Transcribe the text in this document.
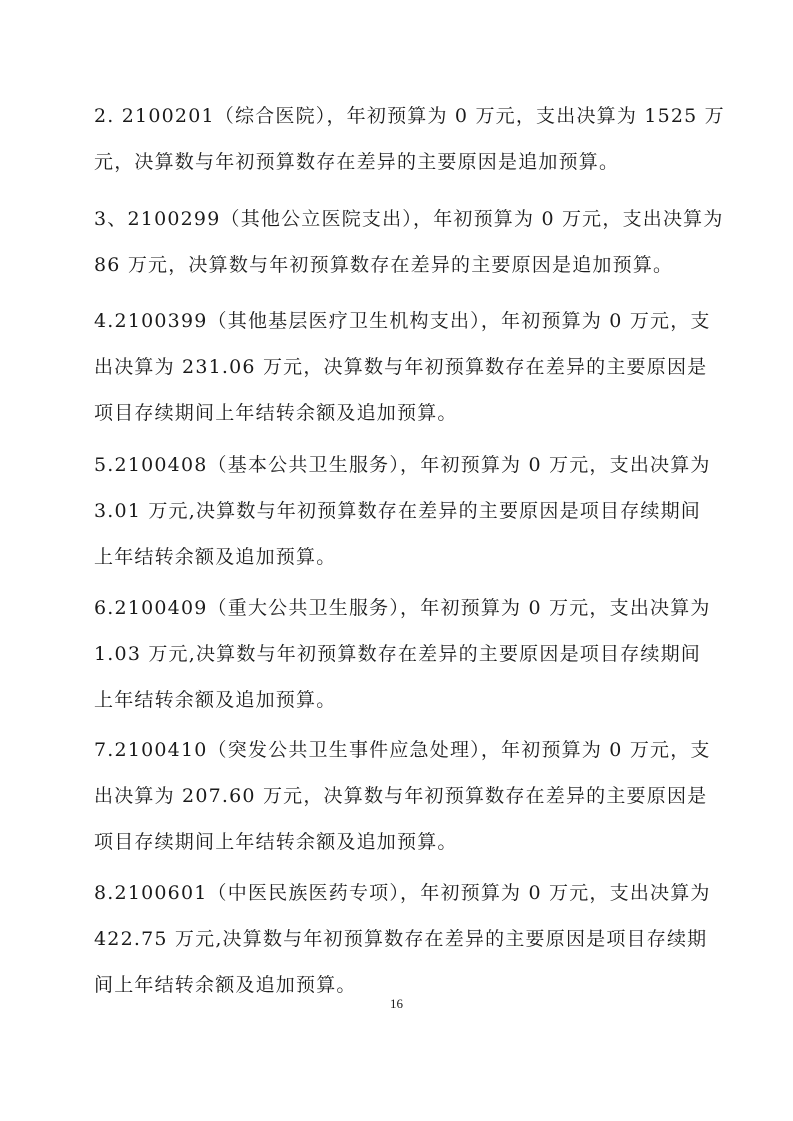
2. 2100201（综合医院），年初预算为 0 万元，支出决算为 1525 万
元，决算数与年初预算数存在差异的主要原因是追加预算。
3、2100299（其他公立医院支出），年初预算为 0 万元，支出决算为
86 万元，决算数与年初预算数存在差异的主要原因是追加预算。
4.2100399（其他基层医疗卫生机构支出），年初预算为 0 万元，支
出决算为 231.06 万元，决算数与年初预算数存在差异的主要原因是
项目存续期间上年结转余额及追加预算。
5.2100408（基本公共卫生服务），年初预算为 0 万元，支出决算为
3.01 万元,决算数与年初预算数存在差异的主要原因是项目存续期间
上年结转余额及追加预算。
6.2100409（重大公共卫生服务），年初预算为 0 万元，支出决算为
1.03 万元,决算数与年初预算数存在差异的主要原因是项目存续期间
上年结转余额及追加预算。
7.2100410（突发公共卫生事件应急处理），年初预算为 0 万元，支
出决算为 207.60 万元，决算数与年初预算数存在差异的主要原因是
项目存续期间上年结转余额及追加预算。
8.2100601（中医民族医药专项），年初预算为 0 万元，支出决算为
422.75 万元,决算数与年初预算数存在差异的主要原因是项目存续期
间上年结转余额及追加预算。
16
